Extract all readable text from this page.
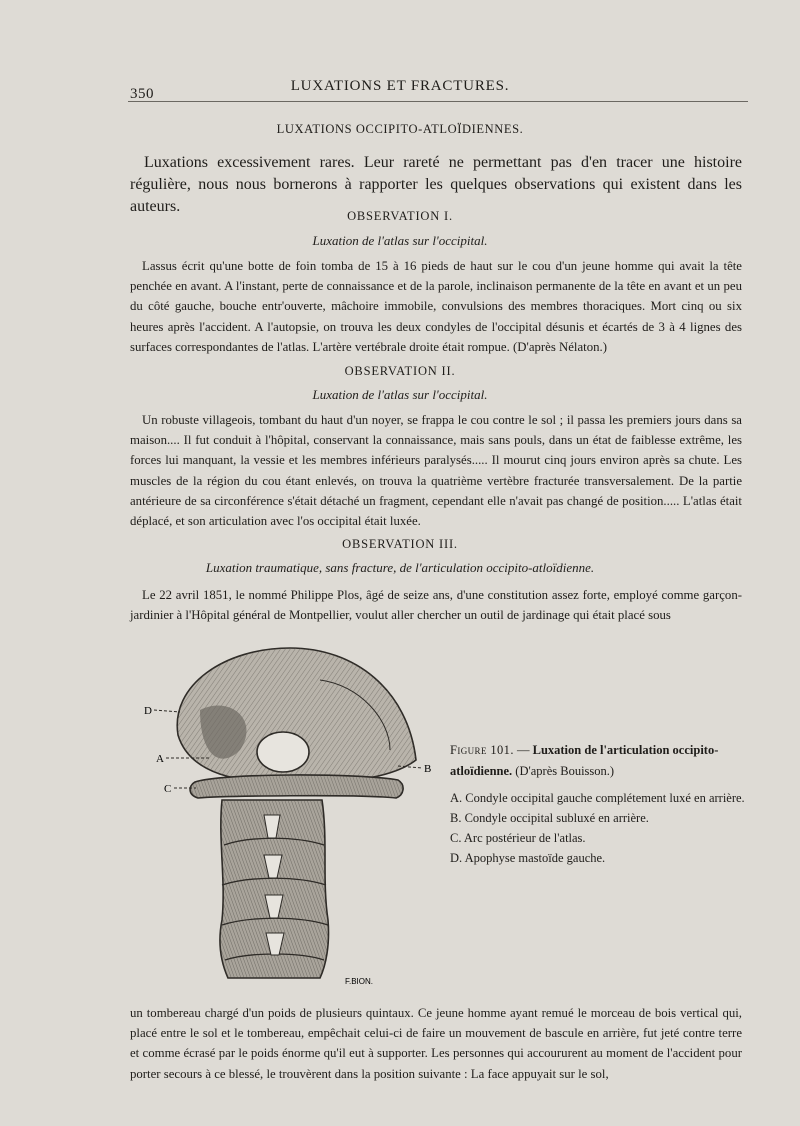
350	LUXATIONS ET FRACTURES.
LUXATIONS OCCIPITO-ATLOÏDIENNES.

Luxations excessivement rares. Leur rareté ne permettant pas d'en tracer une histoire régulière, nous nous bornerons à rapporter les quelques observations qui existent dans les auteurs.

OBSERVATION I.
Luxation de l'atlas sur l'occipital.

Lassus écrit qu'une botte de foin tomba de 15 à 16 pieds de haut sur le cou d'un jeune homme qui avait la tête penchée en avant. A l'instant, perte de connaissance et de la parole, inclinaison permanente de la tête en avant et un peu du côté gauche, bouche entr'ouverte, mâchoire immobile, convulsions des membres thoraciques. Mort cinq ou six heures après l'accident. A l'autopsie, on trouva les deux condyles de l'occipital désunis et écartés de 3 à 4 lignes des surfaces correspondantes de l'atlas. L'artère vertébrale droite était rompue. (D'après Nélaton.)

OBSERVATION II.
Luxation de l'atlas sur l'occipital.

Un robuste villageois, tombant du haut d'un noyer, se frappa le cou contre le sol ; il passa les premiers jours dans sa maison.... Il fut conduit à l'hôpital, conservant la connaissance, mais sans pouls, dans un état de faiblesse extrême, les forces lui manquant, la vessie et les membres inférieurs paralysés..... Il mourut cinq jours environ après sa chute. Les muscles de la région du cou étant enlevés, on trouva la quatrième vertèbre fracturée transversalement. De la partie antérieure de sa circonférence s'était détaché un fragment, cependant elle n'avait pas changé de position..... L'atlas était déplacé, et son articulation avec l'os occipital était luxée.

OBSERVATION III.
Luxation traumatique, sans fracture, de l'articulation occipito-atloïdienne.

Le 22 avril 1851, le nommé Philippe Plos, âgé de seize ans, d'une constitution assez forte, employé comme garçon-jardinier à l'Hôpital général de Montpellier, voulut aller chercher un outil de jardinage qui était placé sous

D
A
C
B
F.BION.
Figure 101. — Luxation de l'articulation occipito-atloïdienne. (D'après Bouisson.)
A. Condyle occipital gauche complétement luxé en arrière.
B. Condyle occipital subluxé en arrière.
C. Arc postérieur de l'atlas.
D. Apophyse mastoïde gauche.

un tombereau chargé d'un poids de plusieurs quintaux. Ce jeune homme ayant remué le morceau de bois vertical qui, placé entre le sol et le tombereau, empêchait celui-ci de faire un mouvement de bascule en arrière, fut jeté contre terre et comme écrasé par le poids énorme qu'il eut à supporter. Les personnes qui accoururent au moment de l'accident pour porter secours à ce blessé, le trouvèrent dans la position suivante : La face appuyait sur le sol,
